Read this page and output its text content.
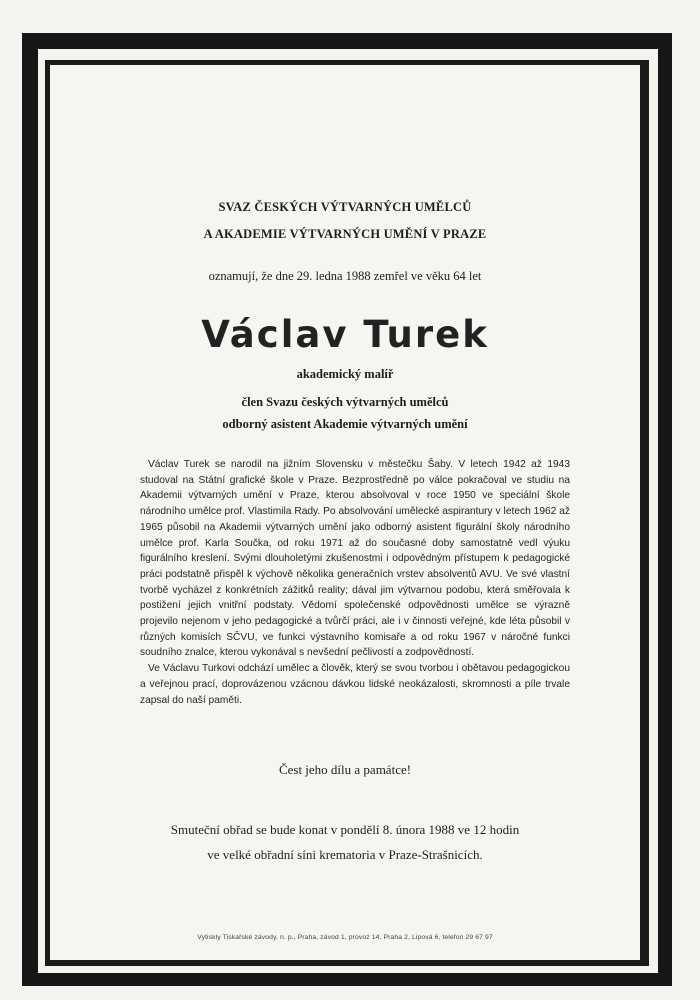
SVAZ ČESKÝCH VÝTVARNÝCH UMĚLCŮ
A AKADEMIE VÝTVARNÝCH UMĚNÍ V PRAZE
oznamují, že dne 29. ledna 1988 zemřel ve věku 64 let
Václav Turek
akademický malíř
člen Svazu českých výtvarných umělců
odborný asistent Akademie výtvarných umění

Václav Turek se narodil na jižním Slovensku v městečku Šaby. V letech 1942 až 1943 studoval na Státní grafické škole v Praze. Bezprostředně po válce pokračoval ve studiu na Akademii výtvarných umění v Praze, kterou absolvoval v roce 1950 ve speciální škole národního umělce prof. Vlastimila Rady. Po absolvování umělecké aspirantury v letech 1962 až 1965 působil na Akademii výtvarných umění jako odborný asistent figurální školy národního umělce prof. Karla Součka, od roku 1971 až do současné doby samostatně vedl výuku figurálního kreslení. Svými dlouholetými zkušenostmi i odpovědným přístupem k pedagogické práci podstatně přispěl k výchově několika generačních vrstev absolventů AVU. Ve své vlastní tvorbě vycházel z konkrétních zážitků reality; dával jim výtvarnou podobu, která směřovala k postižení jejich vnitřní podstaty. Vědomí společenské odpovědnosti umělce se výrazně projevilo nejenom v jeho pedagogické a tvůrčí práci, ale i v činnosti veřejné, kde léta působil v různých komisích SČVU, ve funkci výstavního komisaře a od roku 1967 v náročné funkci soudního znalce, kterou vykonával s nevšední pečlivostí a zodpovědností.

Ve Václavu Turkovi odchází umělec a člověk, který se svou tvorbou i obětavou pedagogickou a veřejnou prací, doprovázenou vzácnou dávkou lidské neokázalosti, skromnosti a píle trvale zapsal do naší paměti.

Čest jeho dílu a památce!
Smuteční obřad se bude konat v pondělí 8. února 1988 ve 12 hodin
ve velké obřadní síni krematoria v Praze-Strašnicích.
Vytiskly Tiskařské závody, n. p., Praha, závod 1, provoz 14, Praha 2, Lipová 6, telefon 29 67 97
